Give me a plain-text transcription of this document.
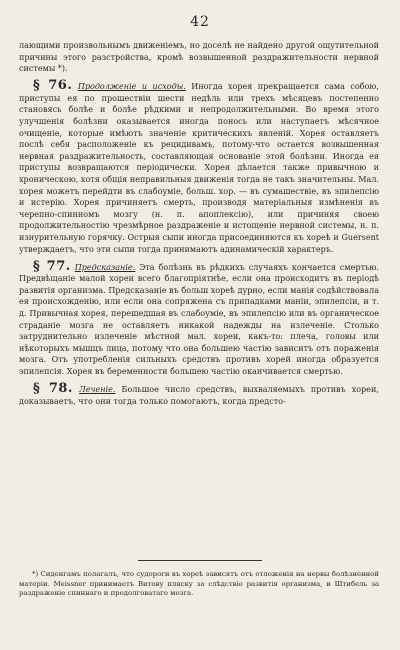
42

лающими произвольнымъ движенiемъ, но доселѣ не найдено другой ощутительной причины этого разстройства, кромѣ возвышенной раздражительности нервной системы *).

§ 76. Продолженiе и исходы. Иногда хорея прекращается сама собою, приступы ея по прошествiи шести недѣль или трехъ мѣсяцевъ постепенно становясь болѣе и болѣе рѣдкими и непродолжительными. Во время этого улучшенiя болѣзни оказывается иногда понось или наступаетъ мѣсячное очищенiе, которые имѣютъ значенiе критическихъ явленiй. Хорея оставляетъ послѣ себя расположенiе къ рецидивамъ, потому-что остается возвышенная нервная раздражительность, составляющая основанiе этой болѣзни. Иногда ея приступы возвращаются перiодически. Хорея дѣлается также привычною и хроническою, хотя общiя неправильныя движенiя тогда не такъ значительны. Мал. хорея можетъ перейдти въ слабоумiе, больш. хор. — въ сумашествiе, въ эпилепсiю и истерiю. Хорея причиняетъ смерть, производя матерiальныя измѣненiя въ черепно-спинномъ мозгу (н. п. апоплексiю), или причиняя своею продолжительностiю чрезмѣрное раздраженiе и истощенiе нервной системы, н. п. изнурительную горячку. Острыя сыпи иногда присоединяются къ хореѣ и Guersent утверждаетъ, что эти сыпи тогда принимаютъ адинамическiй характеръ.

§ 77. Предсказанiе. Эта болѣзнь въ рѣдкихъ случаяхъ кончается смертью. Предвѣщанiе малой хореи всего благопрiятнѣе, если она происходитъ въ перiодѣ развитiя организма. Предсказанiе въ больш хореѣ дурно, если манiя содѣйствовала ея происхожденiю, или если она сопряжена съ припадками манiи, эпилепсiи, и т. д. Привычная хорея, перешедшая въ слабоумiе, въ эпилепсiю или въ органическое страданiе мозга не оставляетъ никакой надежды на излеченiе. Столько затруднительно излеченiе мѣстной мал. хореи, какъ-то: плеча, головы или нѣкоторыхъ мышцъ лица, потому что она большею частiю зависитъ отъ пораженiя мозга. Отъ употребленiя сильныхъ средствъ противъ хорей иногда образуется эпилепсiя. Хорея въ беременности большею частiю оканчивается смертью.

§ 78. Леченiе. Большое число средствъ, выхваляемыхъ противъ хореи, доказываетъ, что они тогда только помогаютъ, когда предсто-

*) Сиденгамъ полагалъ, что судороги въ хореѣ зависятъ отъ отложенiя на нервы болѣзненной матерiи. Meissner принимаетъ Витову пляску за слѣдствiе развитiя организма, и Штибель за раздраженiе спиннаго и продолговатаго мозга.
